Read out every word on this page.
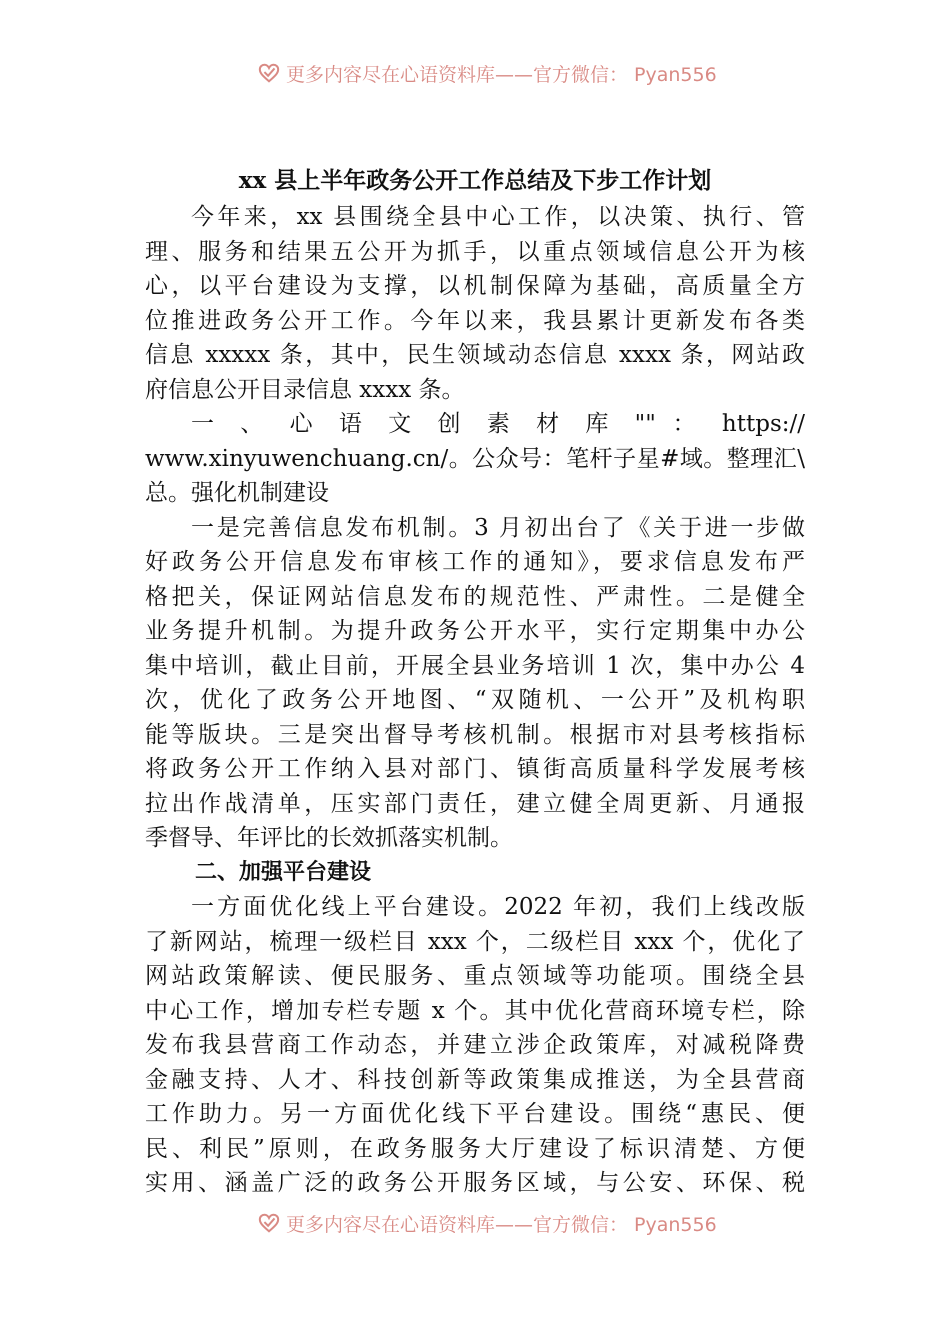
更多内容尽在心语资料库——官方微信： Pyan556
xx 县上半年政务公开工作总结及下步工作计划
今年来，xx 县围绕全县中心工作，以决策、执行、管
理、服务和结果五公开为抓手，以重点领域信息公开为核
心，以平台建设为支撑，以机制保障为基础，高质量全方
位推进政务公开工作。今年以来，我县累计更新发布各类
信息 xxxxx 条，其中，民生领域动态信息 xxxx 条，网站政
府信息公开目录信息 xxxx 条。
一 、 心 语 文 创 素 材 库 "" ： https://
www.xinyuwenchuang.cn/。公众号：笔杆子星#域。整理汇\
总。强化机制建设
一是完善信息发布机制。3 月初出台了《关于进一步做
好政务公开信息发布审核工作的通知》，要求信息发布严
格把关，保证网站信息发布的规范性、严肃性。二是健全
业务提升机制。为提升政务公开水平，实行定期集中办公
集中培训，截止目前，开展全县业务培训 1 次，集中办公 4
次，优化了政务公开地图、“双随机、一公开”及机构职
能等版块。三是突出督导考核机制。根据市对县考核指标
将政务公开工作纳入县对部门、镇街高质量科学发展考核
拉出作战清单，压实部门责任，建立健全周更新、月通报
季督导、年评比的长效抓落实机制。
二、加强平台建设
一方面优化线上平台建设。2022 年初，我们上线改版
了新网站，梳理一级栏目 xxx 个，二级栏目 xxx 个，优化了
网站政策解读、便民服务、重点领域等功能项。围绕全县
中心工作，增加专栏专题 x 个。其中优化营商环境专栏，除
发布我县营商工作动态，并建立涉企政策库，对减税降费
金融支持、人才、科技创新等政策集成推送，为全县营商
工作助力。另一方面优化线下平台建设。围绕“惠民、便
民、利民”原则，在政务服务大厅建设了标识清楚、方便
实用、涵盖广泛的政务公开服务区域，与公安、环保、税
更多内容尽在心语资料库——官方微信： Pyan556
